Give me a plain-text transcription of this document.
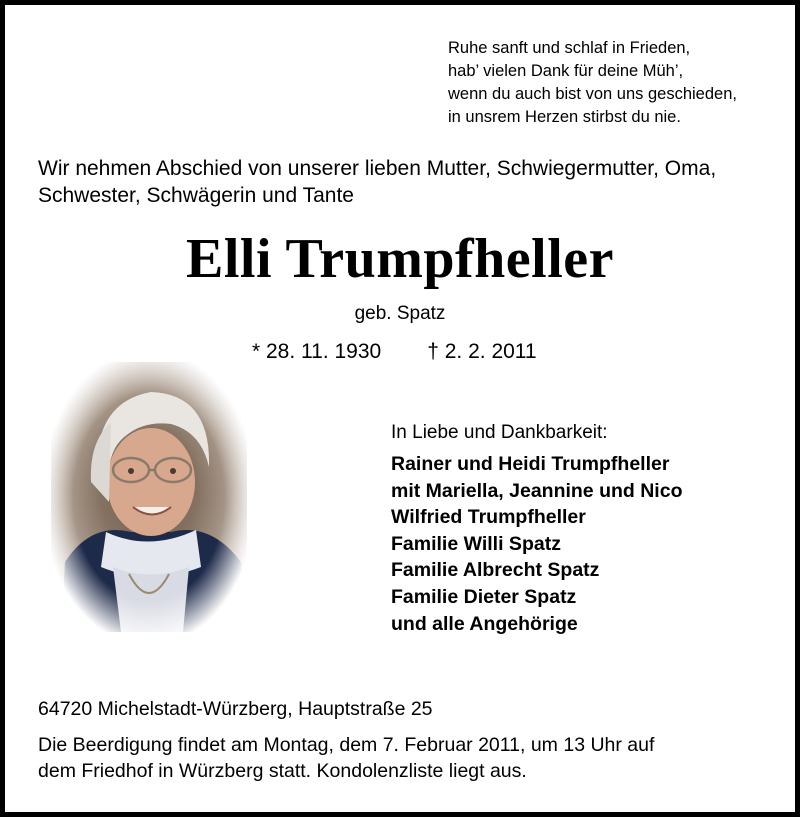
Ruhe sanft und schlaf in Frieden,
hab’ vielen Dank für deine Müh’,
wenn du auch bist von uns geschieden,
in unsrem Herzen stirbst du nie.
Wir nehmen Abschied von unserer lieben Mutter, Schwiegermutter, Oma,
Schwester, Schwägerin und Tante
Elli Trumpfheller
geb. Spatz
* 28. 11. 1930 † 2. 2. 2011
In Liebe und Dankbarkeit:
Rainer und Heidi Trumpfheller
mit Mariella, Jeannine und Nico
Wilfried Trumpfheller
Familie Willi Spatz
Familie Albrecht Spatz
Familie Dieter Spatz
und alle Angehörige
64720 Michelstadt-Würzberg, Hauptstraße 25
Die Beerdigung findet am Montag, dem 7. Februar 2011, um 13 Uhr auf
dem Friedhof in Würzberg statt. Kondolenzliste liegt aus.
